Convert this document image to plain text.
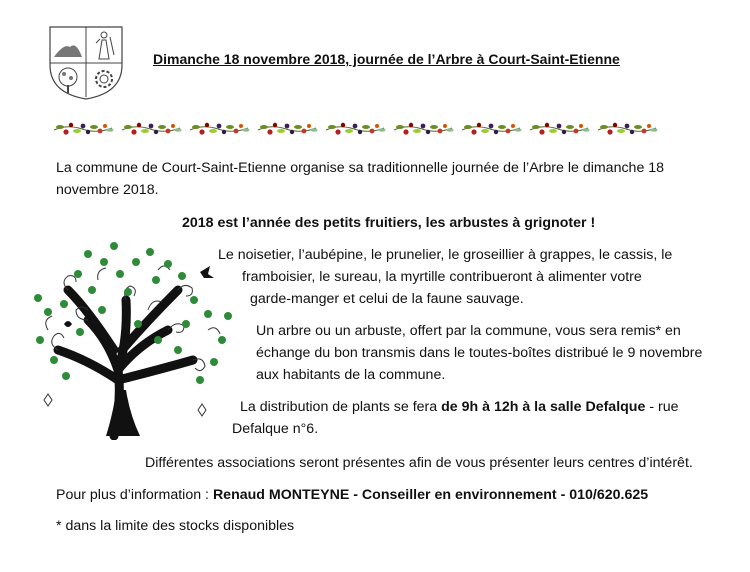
Dimanche 18 novembre 2018, journée de l’Arbre à Court-Saint-Etienne

La commune de Court-Saint-Etienne organise sa traditionnelle journée de l’Arbre le dimanche 18

novembre 2018.

2018 est l’année des petits fruitiers, les arbustes à grignoter !

Le noisetier, l’aubépine, le prunelier, le groseillier à grappes, le cassis, le

framboisier, le sureau, la myrtille contribueront à alimenter votre

garde-manger et celui de la faune sauvage.

Un arbre ou un arbuste, offert par la commune, vous sera remis* en

échange du bon transmis dans le toutes-boîtes distribué le 9 novembre

aux habitants de la commune.

La distribution de plants se fera de 9h à 12h à la salle Defalque - rue

Defalque n°6.

Différentes associations seront présentes afin de vous présenter leurs centres d’intérêt.

Pour plus d’information : Renaud MONTEYNE - Conseiller en environnement - 010/620.625

* dans la limite des stocks disponibles
